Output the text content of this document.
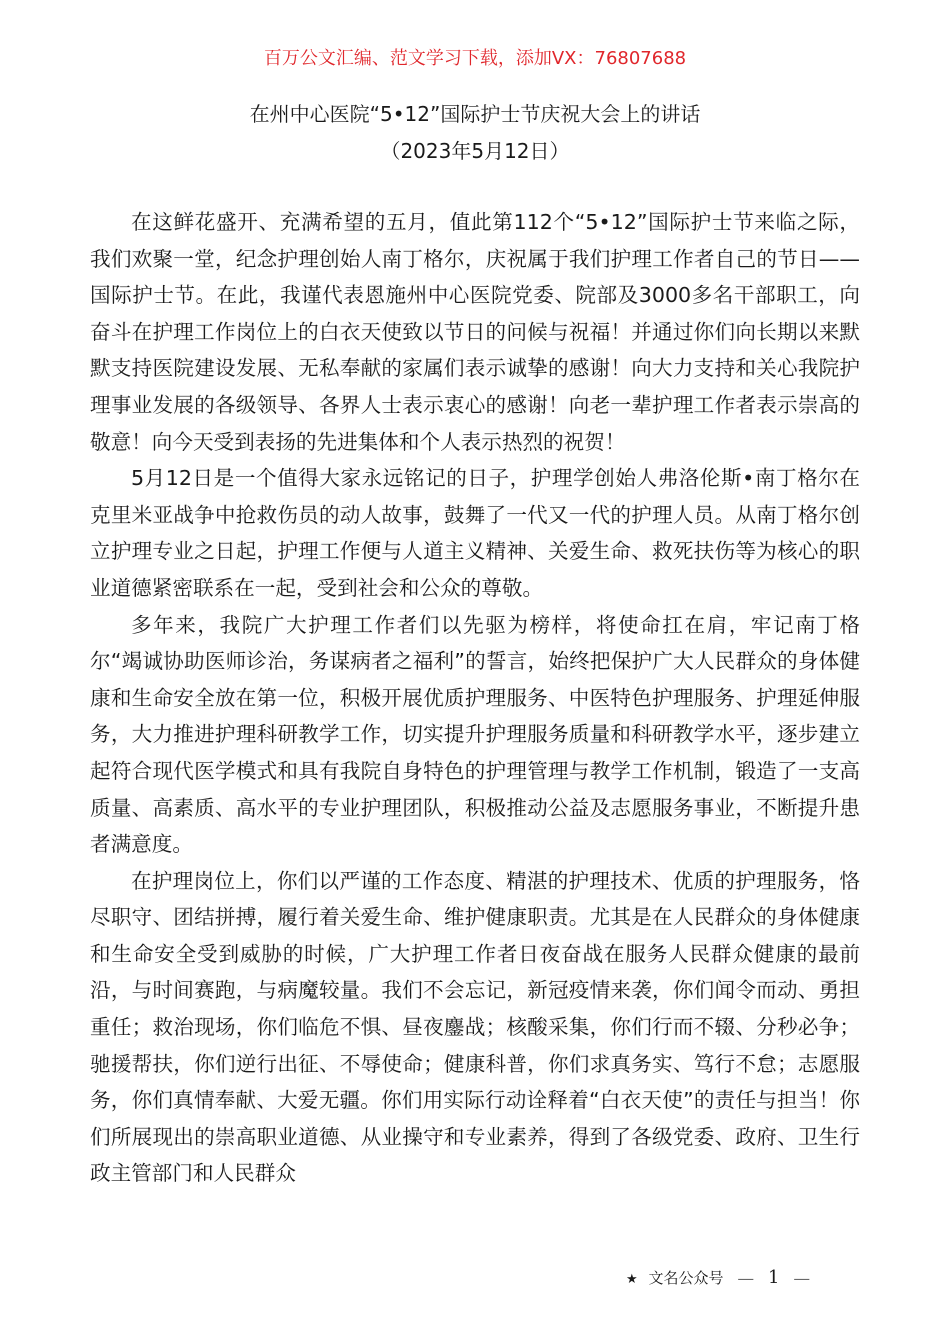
百万公文汇编、范文学习下载，添加VX：76807688
在州中心医院“5•12”国际护士节庆祝大会上的讲话
（2023年5月12日）

在这鲜花盛开、充满希望的五月，值此第112个“5•12”国际护士节来临之际，我们欢聚一堂，纪念护理创始人南丁格尔，庆祝属于我们护理工作者自己的节日——国际护士节。在此，我谨代表恩施州中心医院党委、院部及3000多名干部职工，向奋斗在护理工作岗位上的白衣天使致以节日的问候与祝福！并通过你们向长期以来默默支持医院建设发展、无私奉献的家属们表示诚挚的感谢！向大力支持和关心我院护理事业发展的各级领导、各界人士表示衷心的感谢！向老一辈护理工作者表示崇高的敬意！向今天受到表扬的先进集体和个人表示热烈的祝贺！

5月12日是一个值得大家永远铭记的日子，护理学创始人弗洛伦斯•南丁格尔在克里米亚战争中抢救伤员的动人故事，鼓舞了一代又一代的护理人员。从南丁格尔创立护理专业之日起，护理工作便与人道主义精神、关爱生命、救死扶伤等为核心的职业道德紧密联系在一起，受到社会和公众的尊敬。

多年来，我院广大护理工作者们以先驱为榜样，将使命扛在肩，牢记南丁格尔“竭诚协助医师诊治，务谋病者之福利”的誓言，始终把保护广大人民群众的身体健康和生命安全放在第一位，积极开展优质护理服务、中医特色护理服务、护理延伸服务，大力推进护理科研教学工作，切实提升护理服务质量和科研教学水平，逐步建立起符合现代医学模式和具有我院自身特色的护理管理与教学工作机制，锻造了一支高质量、高素质、高水平的专业护理团队，积极推动公益及志愿服务事业，不断提升患者满意度。

在护理岗位上，你们以严谨的工作态度、精湛的护理技术、优质的护理服务，恪尽职守、团结拼搏，履行着关爱生命、维护健康职责。尤其是在人民群众的身体健康和生命安全受到威胁的时候，广大护理工作者日夜奋战在服务人民群众健康的最前沿，与时间赛跑，与病魔较量。我们不会忘记，新冠疫情来袭，你们闻令而动、勇担重任；救治现场，你们临危不惧、昼夜鏖战；核酸采集，你们行而不辍、分秒必争；驰援帮扶，你们逆行出征、不辱使命；健康科普，你们求真务实、笃行不怠；志愿服务，你们真情奉献、大爱无疆。你们用实际行动诠释着“白衣天使”的责任与担当！你们所展现出的崇高职业道德、从业操守和专业素养，得到了各级党委、政府、卫生行政主管部门和人民群众

★ 文名公众号 — 1 —
